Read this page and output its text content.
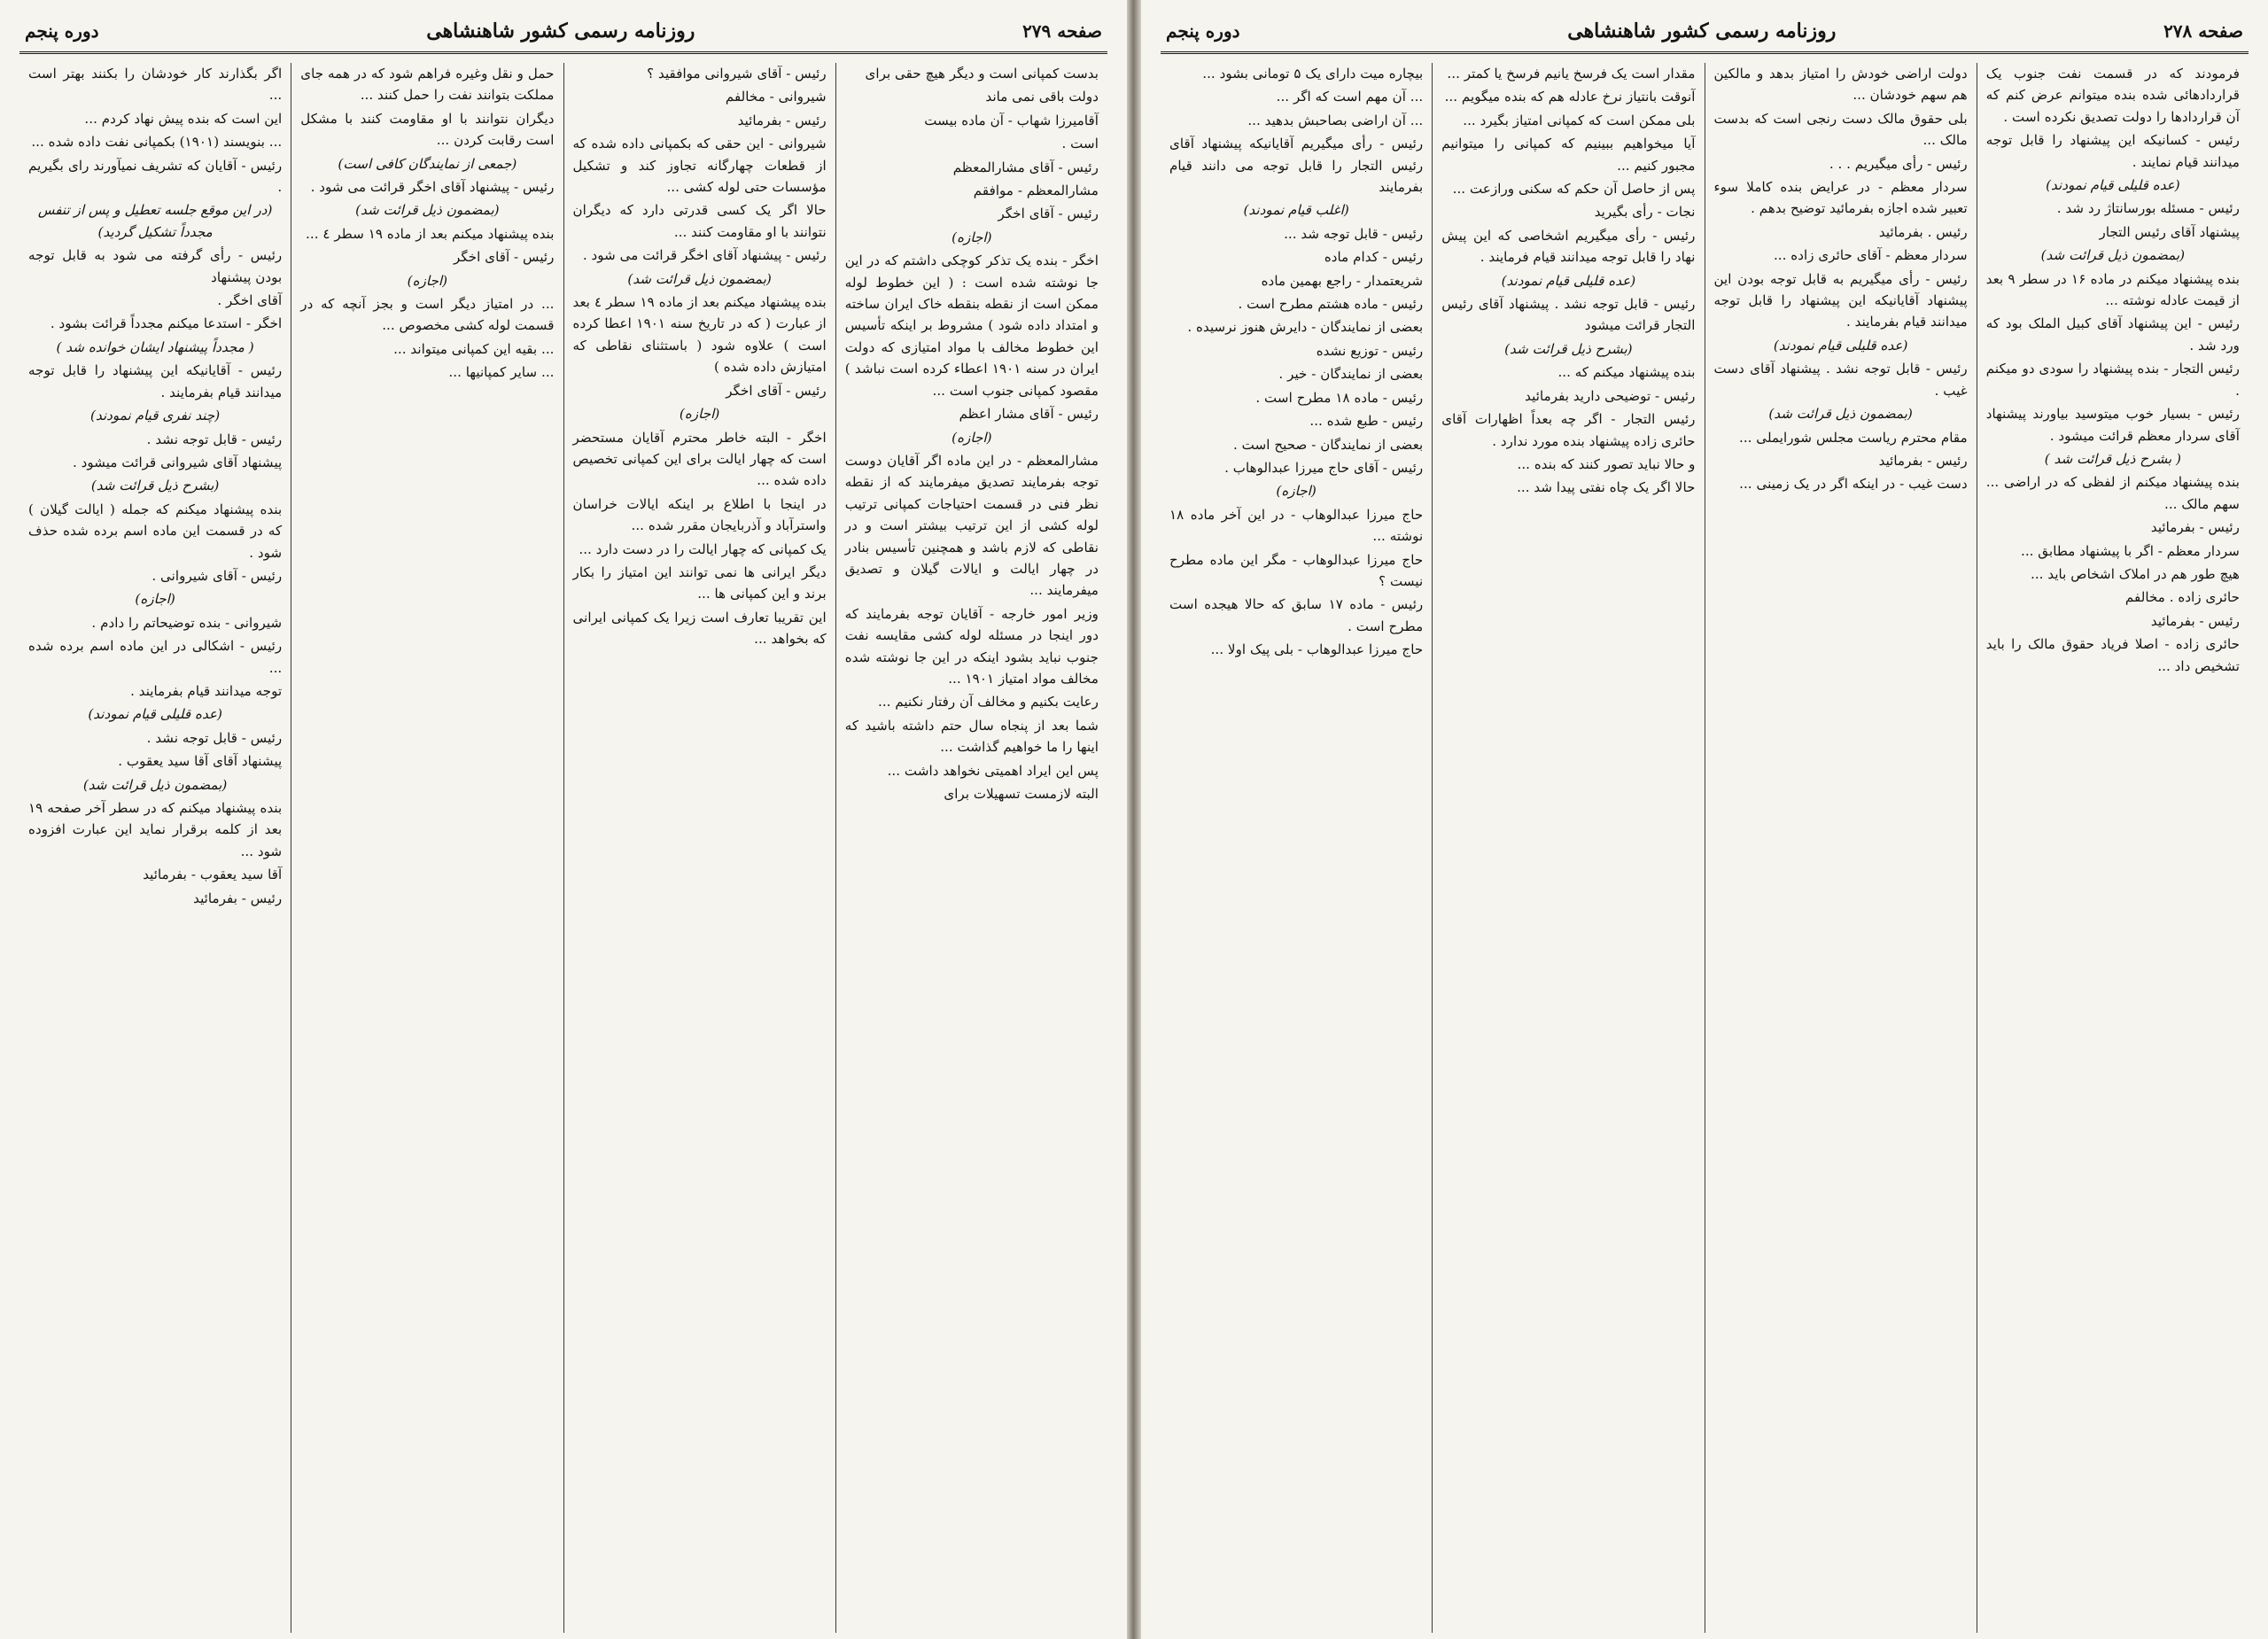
صفحه ۲۷۹
روزنامه رسمی کشور شاهنشاهی
دوره پنجم

بدست کمپانی است و دیگر هیچ حقی برای

دولت باقی نمی ماند

آقامیرزا شهاب - آن ماده بیست

است .

رئیس - آقای مشارالمعظم

مشارالمعظم - موافقم

رئیس - آقای اخگر

(اجازه)

اخگر - بنده یک تذکر کوچکی داشتم که در این جا نوشته شده است : ( این خطوط لوله ممکن است از نقطه بنقطه خاک ایران ساخته و امتداد داده شود ) مشروط بر اینکه تأسیس این خطوط مخالف با مواد امتیازی که دولت ایران در سنه ۱۹۰۱ اعطاء کرده است نباشد ) مقصود کمپانی جنوب است ...

رئیس - آقای مشار اعظم

(اجازه)

مشارالمعظم - در این ماده اگر آقایان دوست توجه بفرمایند تصدیق میفرمایند که از نقطه نظر فنی در قسمت احتیاجات کمپانی ترتیب لوله کشی از این ترتیب بیشتر است و در نقاطی که لازم باشد و همچنین تأسیس بنادر در چهار ایالت و ایالات گیلان و تصدیق میفرمایند ...

وزیر امور خارجه - آقایان توجه بفرمایند که دور اینجا در مسئله لوله کشی مقایسه نفت جنوب نباید بشود اینکه در این جا نوشته شده مخالف مواد امتیاز ۱۹۰۱ ...

رعایت بکنیم و مخالف آن رفتار نکنیم ...

شما بعد از پنجاه سال حتم داشته باشید که اینها را ما خواهیم گذاشت ...

پس این ایراد اهمیتی نخواهد داشت ...

البته لازمست تسهیلات برای

رئیس - آقای شیروانی موافقید ؟

شیروانی - مخالفم

رئیس - بفرمائید

شیروانی - این حقی که بکمپانی داده شده که از قطعات چهارگانه تجاوز کند و تشکیل مؤسسات حتی لوله کشی ...

حالا اگر یک کسی قدرتی دارد که دیگران نتوانند با او مقاومت کنند ...

رئیس - پیشنهاد آقای اخگر قرائت می شود .

(بمضمون ذیل قرائت شد)

بنده پیشنهاد میکنم بعد از ماده ۱۹ سطر ٤ بعد از عبارت ( که در تاریخ سنه ۱۹۰۱ اعطا کرده است ) علاوه شود ( باستثنای نقاطی که امتیازش داده شده )

رئیس - آقای اخگر

(اجازه)

اخگر - البته خاطر محترم آقایان مستحضر است که چهار ایالت برای این کمپانی تخصیص داده شده ...

در اینجا با اطلاع بر اینکه ایالات خراسان واسترآباد و آذربایجان مقرر شده ...

یک کمپانی که چهار ایالت را در دست دارد ...

دیگر ایرانی ها نمی توانند این امتیاز را بکار برند و این کمپانی ها ...

این تقریبا تعارف است زیرا یک کمپانی ایرانی که بخواهد ...

حمل و نقل وغیره فراهم شود که در همه جای مملکت بتوانند نفت را حمل کنند ...

دیگران نتوانند با او مقاومت کنند با مشکل است رقابت کردن ...

(جمعی از نمایندگان کافی است)

رئیس - پیشنهاد آقای اخگر قرائت می شود .

(بمضمون ذیل قرائت شد)

بنده پیشنهاد میکنم بعد از ماده ۱۹ سطر ٤ ...

رئیس - آقای اخگر

(اجازه)

... در امتیاز دیگر است و بجز آنچه که در قسمت لوله کشی مخصوص ...

... بقیه این کمپانی میتواند ...

... سایر کمپانیها ...

اگر بگذارند کار خودشان را بکنند بهتر است ...

این است که بنده پیش نهاد کردم ...

... بنویسند (۱۹۰۱) بکمپانی نفت داده شده ...

رئیس - آقایان که تشریف نمیآورند رای بگیریم .

(در این موقع جلسه تعطیل و پس از تنفس مجدداً تشکیل گردید)

رئیس - رأی گرفته می شود به قابل توجه بودن پیشنهاد

آقای اخگر .

اخگر - استدعا میکنم مجدداً قرائت بشود .

( مجدداً پیشنهاد ایشان خوانده شد )

رئیس - آقایانیکه این پیشنهاد را قابل توجه میدانند قیام بفرمایند .

(چند نفری قیام نمودند)

رئیس - قابل توجه نشد .

پیشنهاد آقای شیروانی قرائت میشود .

(بشرح ذیل قرائت شد)

بنده پیشنهاد میکنم که جمله ( ایالت گیلان ) که در قسمت این ماده اسم برده شده حذف شود .

رئیس - آقای شیروانی .

(اجازه)

شیروانی - بنده توضیحاتم را دادم .

رئیس - اشکالی در این ماده اسم برده شده ...

توجه میدانند قیام بفرمایند .

(عده قلیلی قیام نمودند)

رئیس - قابل توجه نشد .

پیشنهاد آقای آقا سید یعقوب .

(بمضمون ذیل قرائت شد)

بنده پیشنهاد میکنم که در سطر آخر صفحه ۱۹ بعد از کلمه برقرار نماید این عبارت افزوده شود ...

آقا سید یعقوب - بفرمائید

رئیس - بفرمائید

صفحه ۲۷۸
روزنامه رسمی کشور شاهنشاهی
دوره پنجم

فرمودند که در قسمت نفت جنوب یک قراردادهائی شده بنده میتوانم عرض کنم که آن قراردادها را دولت تصدیق نکرده است .

رئیس - کسانیکه این پیشنهاد را قابل توجه میدانند قیام نمایند .

(عده قلیلی قیام نمودند)

رئیس - مسئله بورسانتاژ رد شد .

پیشنهاد آقای رئیس التجار

(بمضمون ذیل قرائت شد)

بنده پیشنهاد میکنم در ماده ۱۶ در سطر ۹ بعد از قیمت عادله نوشته ...

رئیس - این پیشنهاد آقای کبیل الملک بود که ورد شد .

رئیس التجار - بنده پیشنهاد را سودی دو میکنم .

رئیس - بسیار خوب میتوسید بیاورند پیشنهاد آقای سردار معظم قرائت میشود .

( بشرح ذیل قرائت شد )

بنده پیشنهاد میکنم از لفظی که در اراضی ... سهم مالک ...

رئیس - بفرمائید

سردار معظم - اگر با پیشنهاد مطابق ...

هیچ طور هم در املاک اشخاص باید ...

حائری زاده . مخالفم

رئیس - بفرمائید

حائری زاده - اصلا فریاد حقوق مالک را باید تشخیص داد ...

دولت اراضی خودش را امتیاز بدهد و مالکین هم سهم خودشان ...

بلی حقوق مالک دست رنجی است که بدست مالک ...

رئیس - رأی میگیریم . . .

سردار معظم - در عرایض بنده کاملا سوء تعبیر شده اجازه بفرمائید توضیح بدهم .

رئیس . بفرمائید

سردار معظم - آقای حائری زاده ...

رئیس - رأی میگیریم به قابل توجه بودن این پیشنهاد آقایانیکه این پیشنهاد را قابل توجه میدانند قیام بفرمایند .

(عده قلیلی قیام نمودند)

رئیس - قابل توجه نشد . پیشنهاد آقای دست غیب .

(بمضمون ذیل قرائت شد)

مقام محترم ریاست مجلس شورایملی ...

رئیس - بفرمائید

دست غیب - در اینکه اگر در یک زمینی ...

مقدار است یک فرسخ یانیم فرسخ یا کمتر ...

آنوقت بانتیاز نرخ عادله هم که بنده میگویم ...

بلی ممکن است که کمپانی امتیاز بگیرد ...

آیا میخواهیم ببینیم که کمپانی را میتوانیم مجبور کنیم ...

پس از حاصل آن حکم که سکنی ورازعت ...

نجات - رأی بگیرید

رئیس - رأی میگیریم اشخاصی که این پیش نهاد را قابل توجه میدانند قیام فرمایند .

(عده قلیلی قیام نمودند)

رئیس - قابل توجه نشد . پیشنهاد آقای رئیس التجار قرائت میشود

(بشرح ذیل قرائت شد)

بنده پیشنهاد میکنم که ...

رئیس - توضیحی دارید بفرمائید

رئیس التجار - اگر چه بعداً اظهارات آقای حائری زاده پیشنهاد بنده مورد ندارد .

و حالا نباید تصور کنند که بنده ...

حالا اگر یک چاه نفتی پیدا شد ...

بیچاره میت دارای یک ۵ تومانی بشود ...

... آن مهم است که اگر ...

... آن اراضی بصاحبش بدهید ...

رئیس - رأی میگیریم آقایانیکه پیشنهاد آقای رئیس التجار را قابل توجه می دانند قیام بفرمایند

(اغلب قیام نمودند)

رئیس - قابل توجه شد ...

رئیس - کدام ماده

شریعتمدار - راجع بهمین ماده

رئیس - ماده هشتم مطرح است .

بعضی از نمایندگان - دایرش هنوز نرسیده .

رئیس - توزیع نشده

بعضی از نمایندگان - خیر .

رئیس - ماده ۱۸ مطرح است .

رئیس - طبع شده ...

بعضی از نمایندگان - صحیح است .

رئیس - آقای حاج میرزا عبدالوهاب .

(اجازه)

حاج میرزا عبدالوهاب - در این آخر ماده ۱۸ نوشته ...

حاج میرزا عبدالوهاب - مگر این ماده مطرح نیست ؟

رئیس - ماده ۱۷ سابق که حالا هیجده است مطرح است .

حاج میرزا عبدالوهاب - بلی پیک اولا ...
